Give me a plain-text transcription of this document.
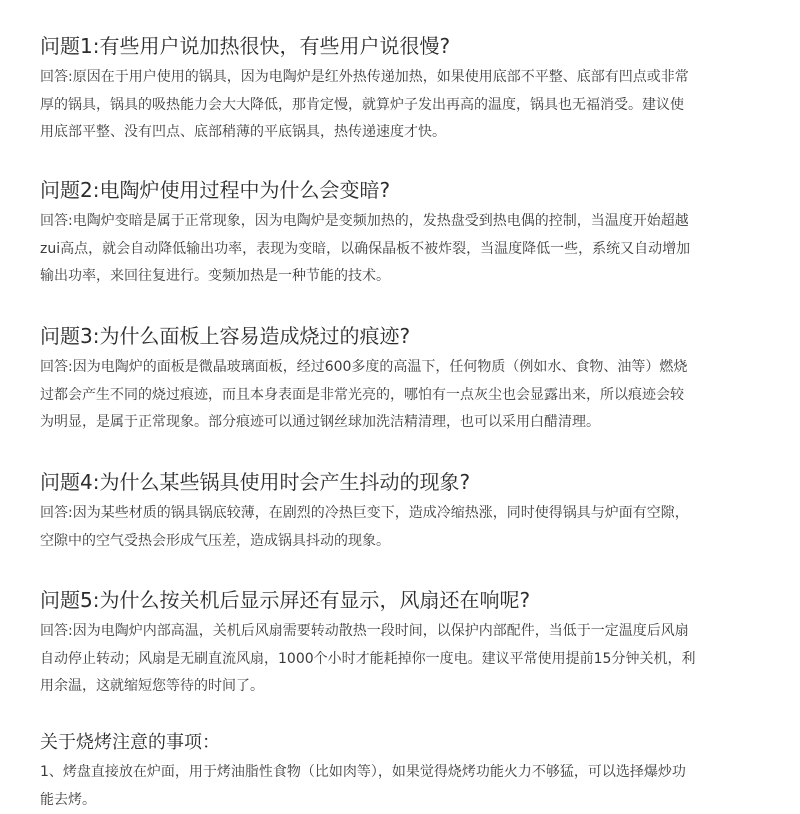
问题1:有些用户说加热很快，有些用户说很慢?
回答:原因在于用户使用的锅具，因为电陶炉是红外热传递加热，如果使用底部不平整、底部有凹点或非常
厚的锅具，锅具的吸热能力会大大降低，那肯定慢，就算炉子发出再高的温度，锅具也无福消受。建议使
用底部平整、没有凹点、底部稍薄的平底锅具，热传递速度才快。
问题2:电陶炉使用过程中为什么会变暗?
回答:电陶炉变暗是属于正常现象，因为电陶炉是变频加热的，发热盘受到热电偶的控制，当温度开始超越
zui高点，就会自动降低输出功率，表现为变暗，以确保晶板不被炸裂，当温度降低一些，系统又自动增加
输出功率，来回往复进行。变频加热是一种节能的技术。
问题3:为什么面板上容易造成烧过的痕迹?
回答:因为电陶炉的面板是微晶玻璃面板，经过600多度的高温下，任何物质（例如水、食物、油等）燃烧
过都会产生不同的烧过痕迹，而且本身表面是非常光亮的，哪怕有一点灰尘也会显露出来，所以痕迹会较
为明显，是属于正常现象。部分痕迹可以通过钢丝球加洗洁精清理，也可以采用白醋清理。
问题4:为什么某些锅具使用时会产生抖动的现象?
回答:因为某些材质的锅具锅底较薄，在剧烈的冷热巨变下，造成冷缩热涨，同时使得锅具与炉面有空隙，
空隙中的空气受热会形成气压差，造成锅具抖动的现象。
问题5:为什么按关机后显示屏还有显示，风扇还在响呢?
回答:因为电陶炉内部高温，关机后风扇需要转动散热一段时间，以保护内部配件，当低于一定温度后风扇
自动停止转动；风扇是无刷直流风扇，1000个小时才能耗掉你一度电。建议平常使用提前15分钟关机，利
用余温，这就缩短您等待的时间了。
关于烧烤注意的事项：
1、烤盘直接放在炉面，用于烤油脂性食物（比如肉等），如果觉得烧烤功能火力不够猛，可以选择爆炒功
能去烤。
